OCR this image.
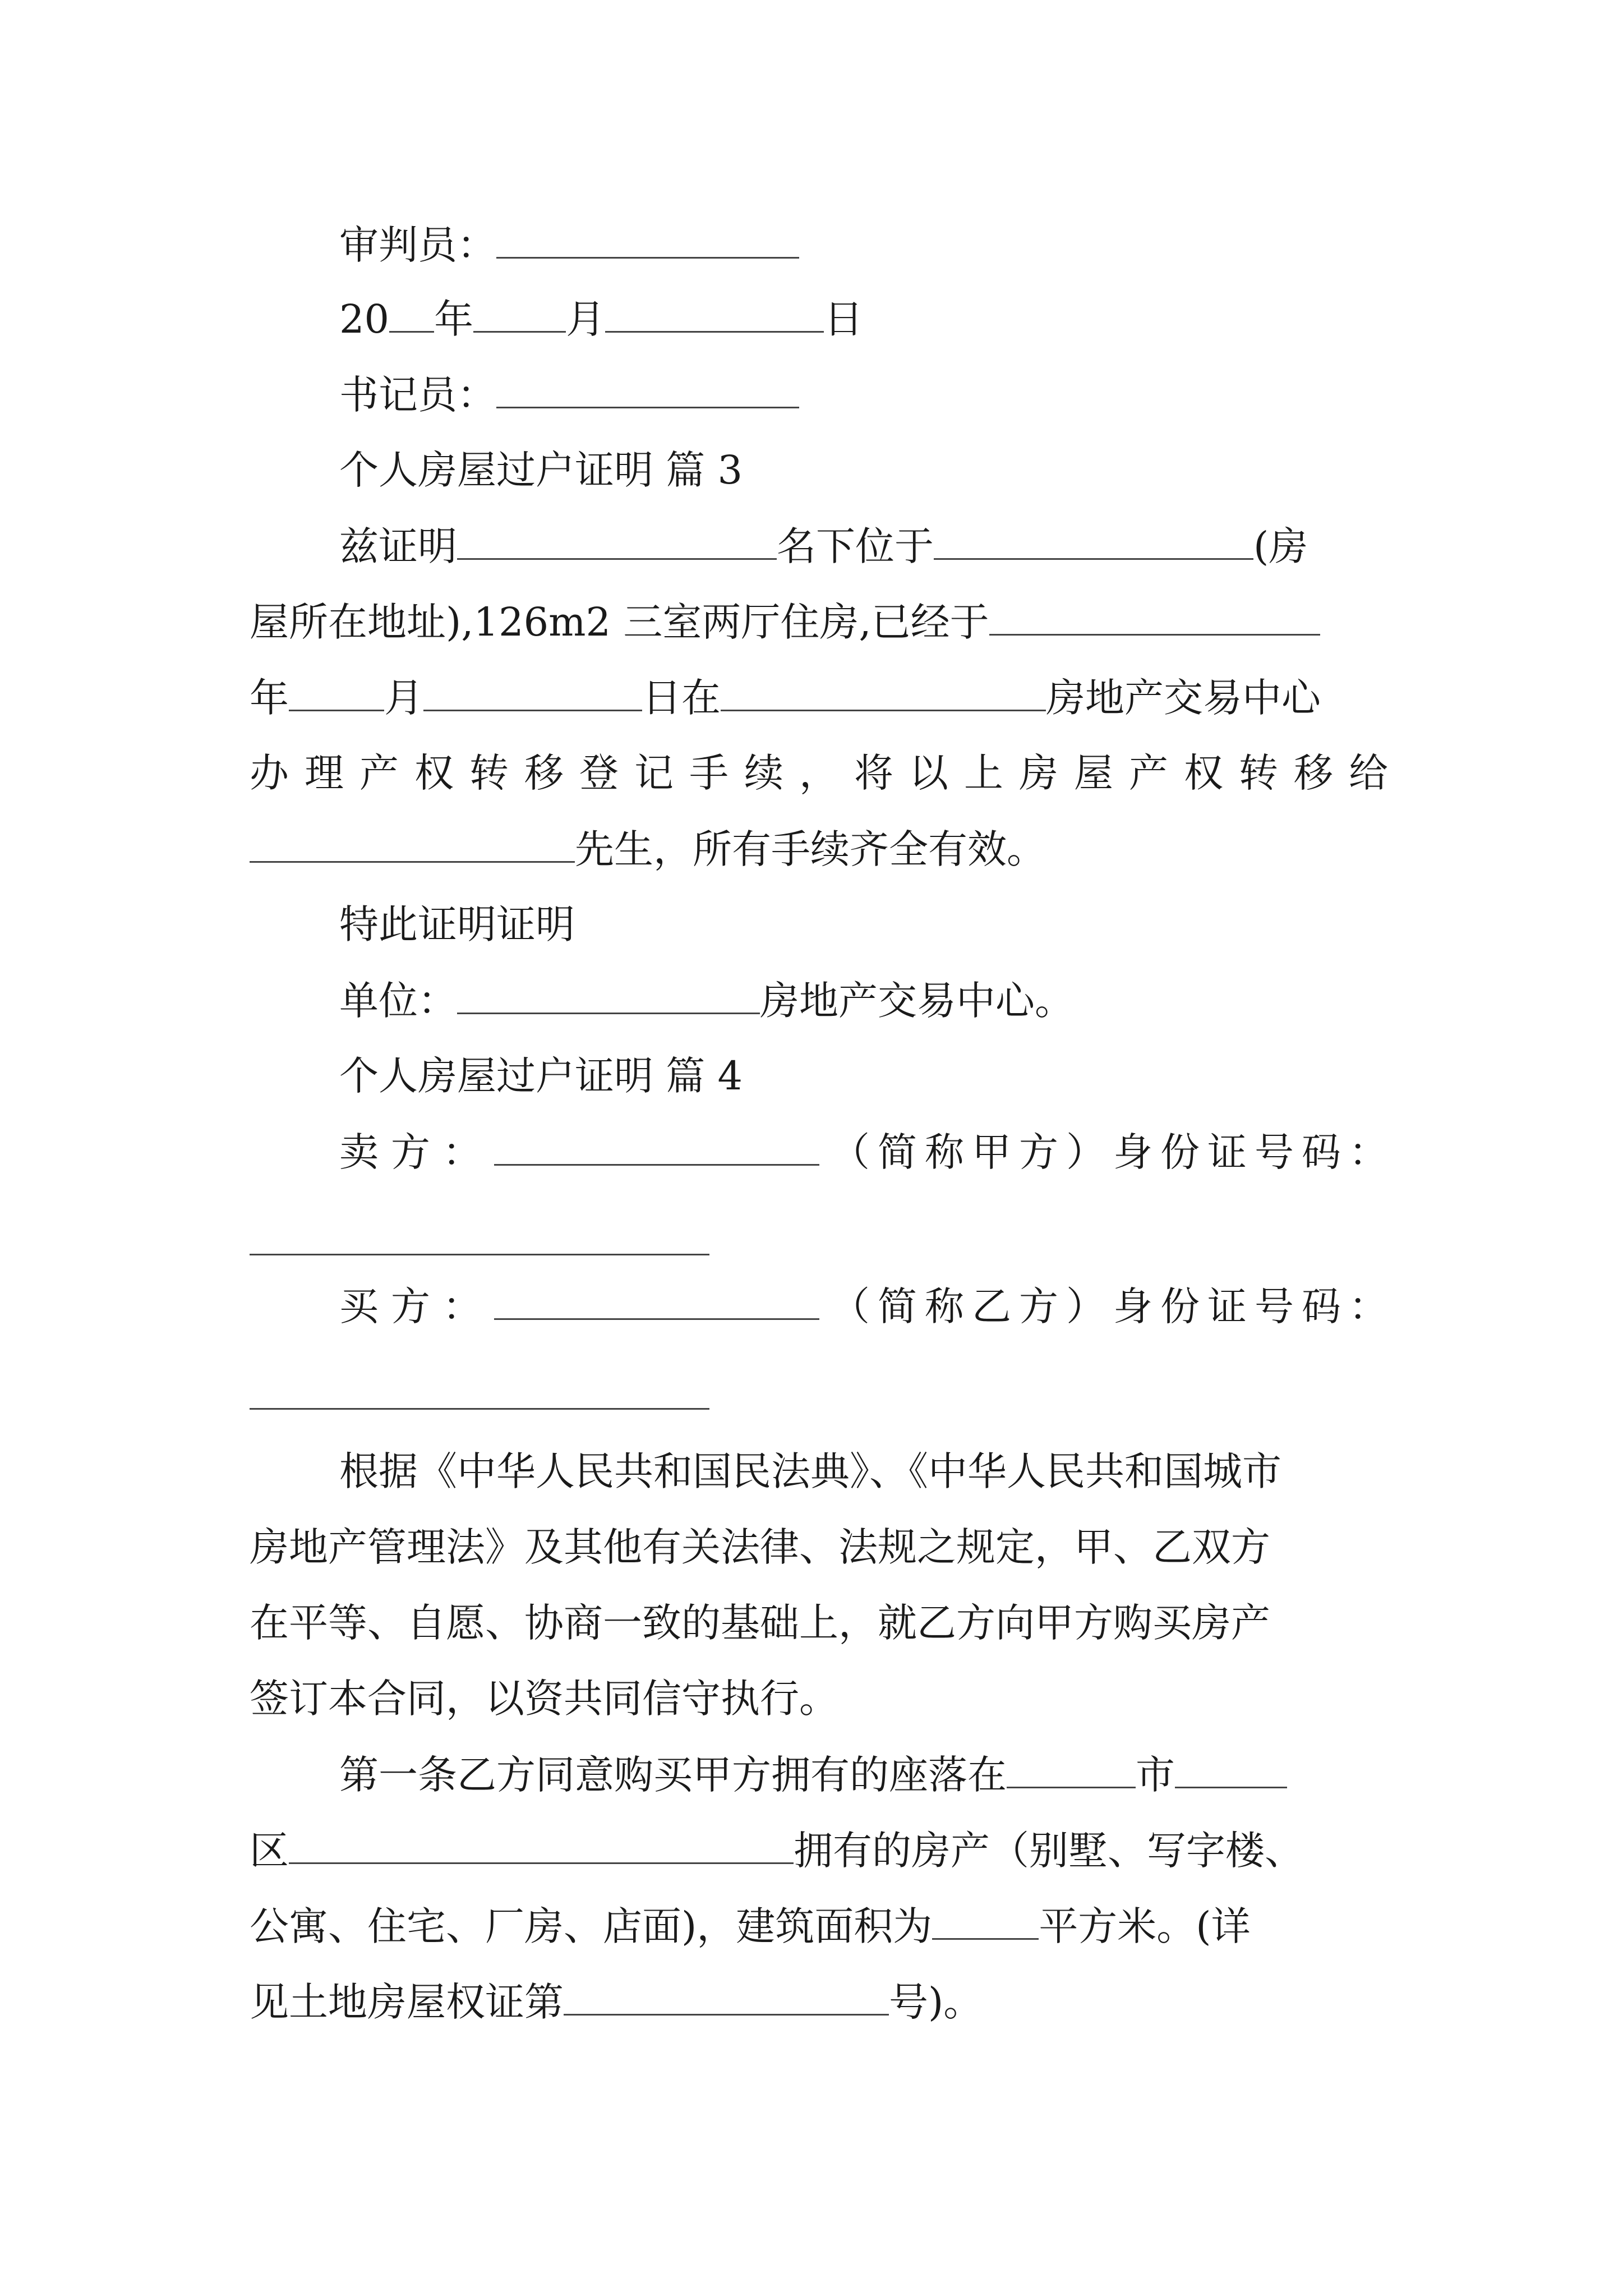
审判员：
20 年 月	日
书记员：
个人房屋过户证明 篇 3
兹证明	名下位于	(房
屋所在地址),126m2 三室两厅住房,已经于
年 月	日在	房地产交易中心
办 理 产 权 转 移 登 记 手 续 ， 将 以 上 房 屋 产 权 转 移 给
先生，所有手续齐全有效。
特此证明证明
单位：	房地产交易中心。
个人房屋过户证明 篇 4
卖方：	（ 简 称 甲 方 ） 身 份 证 号 码 ：
买方：	（ 简 称 乙 方 ） 身 份 证 号 码 ：
根据《中华人民共和国民法典》、《中华人民共和国城市
房地产管理法》及其他有关法律、法规之规定，甲、乙双方
在平等、自愿、协商一致的基础上，就乙方向甲方购买房产
签订本合同，以资共同信守执行。
第一条乙方同意购买甲方拥有的座落在	市
区	拥有的房产（别墅、写字楼、
公寓、住宅、厂房、店面)，建筑面积为	平方米。(详
见土地房屋权证第	号)。
